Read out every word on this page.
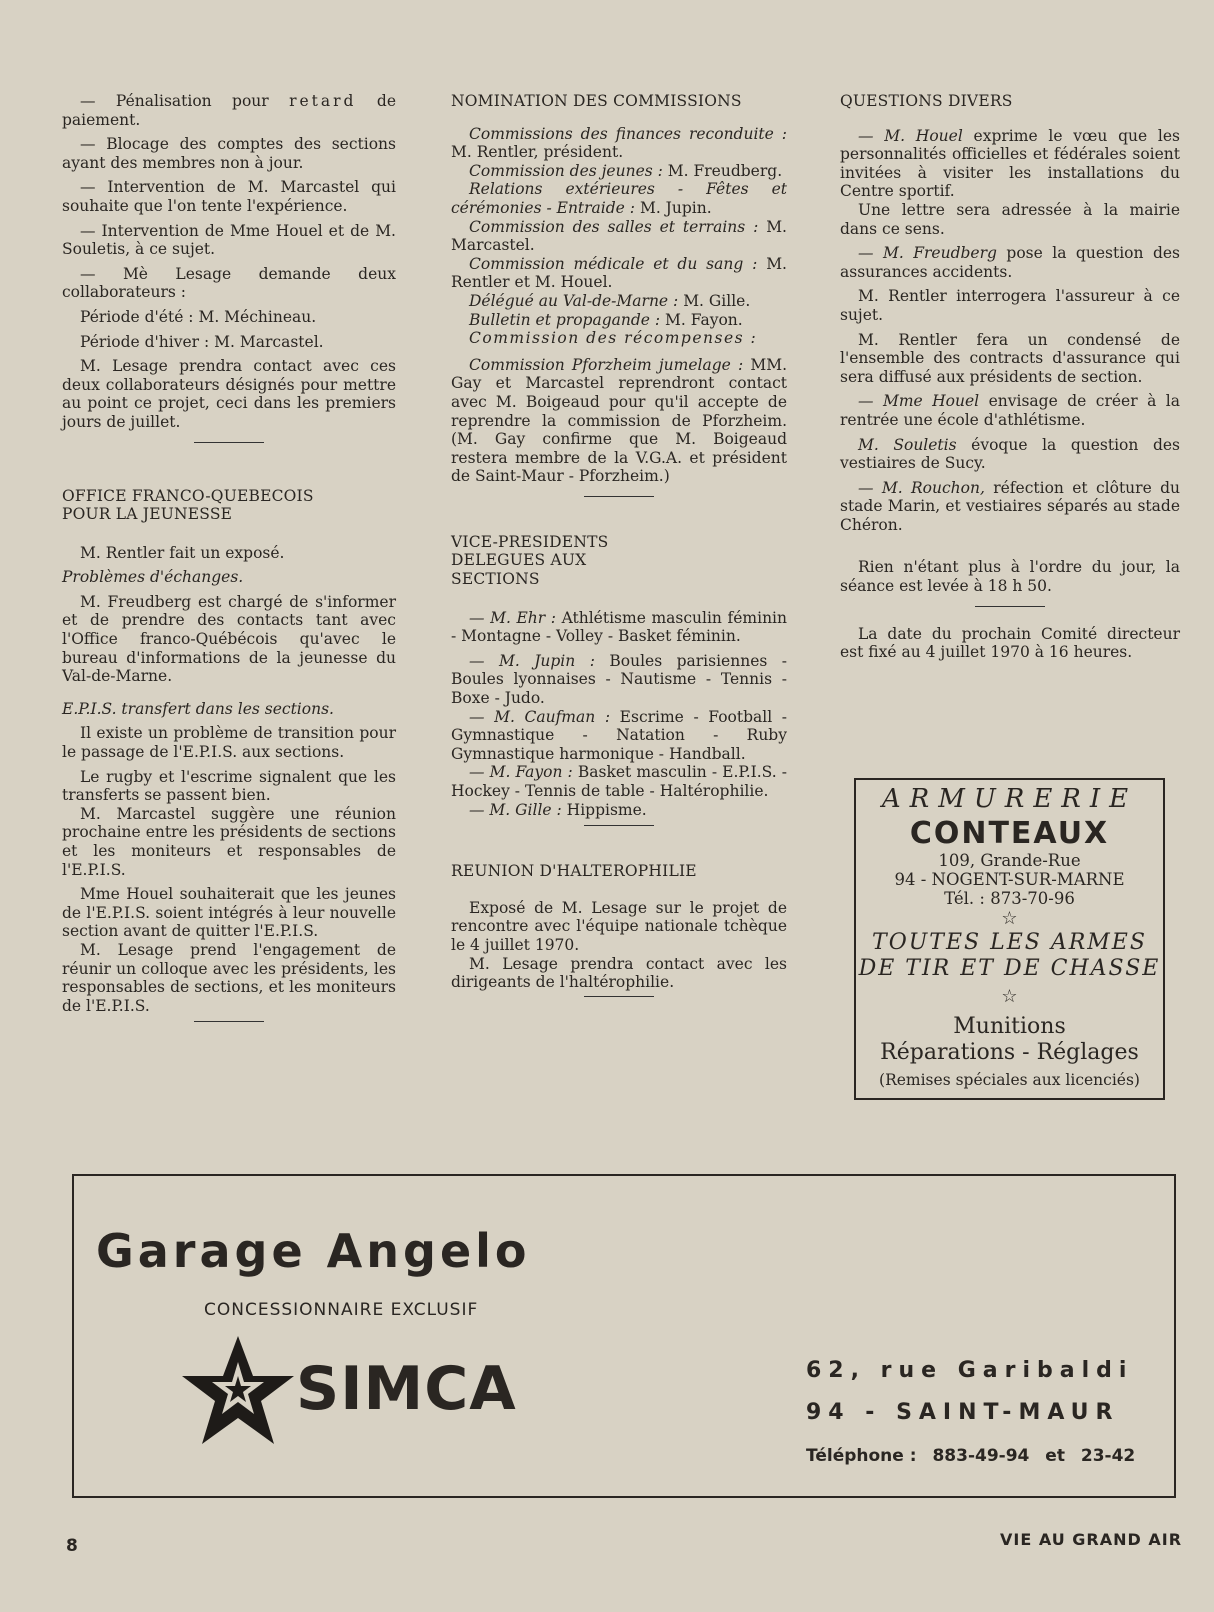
— Pénalisation pour retard de paiement.

— Blocage des comptes des sections ayant des membres non à jour.

— Intervention de M. Marcastel qui souhaite que l'on tente l'expérience.

— Intervention de Mme Houel et de M. Souletis, à ce sujet.

— Mè Lesage demande deux collaborateurs :

Période d'été : M. Méchineau.

Période d'hiver : M. Marcastel.

M. Lesage prendra contact avec ces deux collaborateurs désignés pour mettre au point ce projet, ceci dans les premiers jours de juillet.

OFFICE FRANCO-QUEBECOIS POUR LA JEUNESSE

M. Rentler fait un exposé.

Problèmes d'échanges.

M. Freudberg est chargé de s'informer et de prendre des contacts tant avec l'Office franco-Québécois qu'avec le bureau d'informations de la jeunesse du Val-de-Marne.

E.P.I.S. transfert dans les sections.

Il existe un problème de transition pour le passage de l'E.P.I.S. aux sections.

Le rugby et l'escrime signalent que les transferts se passent bien.

M. Marcastel suggère une réunion prochaine entre les présidents de sections et les moniteurs et responsables de l'E.P.I.S.

Mme Houel souhaiterait que les jeunes de l'E.P.I.S. soient intégrés à leur nouvelle section avant de quitter l'E.P.I.S.

M. Lesage prend l'engagement de réunir un colloque avec les présidents, les responsables de sections, et les moniteurs de l'E.P.I.S.

NOMINATION DES COMMISSIONS

Commissions des finances reconduite : M. Rentler, président.

Commission des jeunes : M. Freudberg.

Relations extérieures - Fêtes et cérémonies - Entraide : M. Jupin.

Commission des salles et terrains : M. Marcastel.

Commission médicale et du sang : M. Rentler et M. Houel.

Délégué au Val-de-Marne : M. Gille.

Bulletin et propagande : M. Fayon.

Commission des récompenses :

Commission Pforzheim jumelage : MM. Gay et Marcastel reprendront contact avec M. Boigeaud pour qu'il accepte de reprendre la commission de Pforzheim. (M. Gay confirme que M. Boigeaud restera membre de la V.G.A. et président de Saint-Maur - Pforzheim.)

VICE-PRESIDENTS DELEGUES AUX SECTIONS

— M. Ehr : Athlétisme masculin féminin - Montagne - Volley - Basket féminin.

— M. Jupin : Boules parisiennes - Boules lyonnaises - Nautisme - Tennis - Boxe - Judo.

— M. Caufman : Escrime - Football - Gymnastique - Natation - Ruby Gymnastique harmonique - Handball.

— M. Fayon : Basket masculin - E.P.I.S. - Hockey - Tennis de table - Haltérophilie.

— M. Gille : Hippisme.

REUNION D'HALTEROPHILIE

Exposé de M. Lesage sur le projet de rencontre avec l'équipe nationale tchèque le 4 juillet 1970.

M. Lesage prendra contact avec les dirigeants de l'haltérophilie.

QUESTIONS DIVERS

— M. Houel exprime le vœu que les personnalités officielles et fédérales soient invitées à visiter les installations du Centre sportif.

Une lettre sera adressée à la mairie dans ce sens.

— M. Freudberg pose la question des assurances accidents.

M. Rentler interrogera l'assureur à ce sujet.

M. Rentler fera un condensé de l'ensemble des contracts d'assurance qui sera diffusé aux présidents de section.

— Mme Houel envisage de créer à la rentrée une école d'athlétisme.

M. Souletis évoque la question des vestiaires de Sucy.

— M. Rouchon, réfection et clôture du stade Marin, et vestiaires séparés au stade Chéron.

Rien n'étant plus à l'ordre du jour, la séance est levée à 18 h 50.

La date du prochain Comité directeur est fixé au 4 juillet 1970 à 16 heures.

ARMURERIE
CONTEAUX
109, Grande-Rue
94 - NOGENT-SUR-MARNE
Tél. : 873-70-96
☆
TOUTES LES ARMES
DE TIR ET DE CHASSE
☆
Munitions
Réparations - Réglages
(Remises spéciales aux licenciés)
Garage Angelo
CONCESSIONNAIRE EXCLUSIF
SIMCA	62, rue Garibaldi
94 - SAINT-MAUR
Téléphone : 883-49-94 et 23-42
8	VIE AU GRAND AIR
